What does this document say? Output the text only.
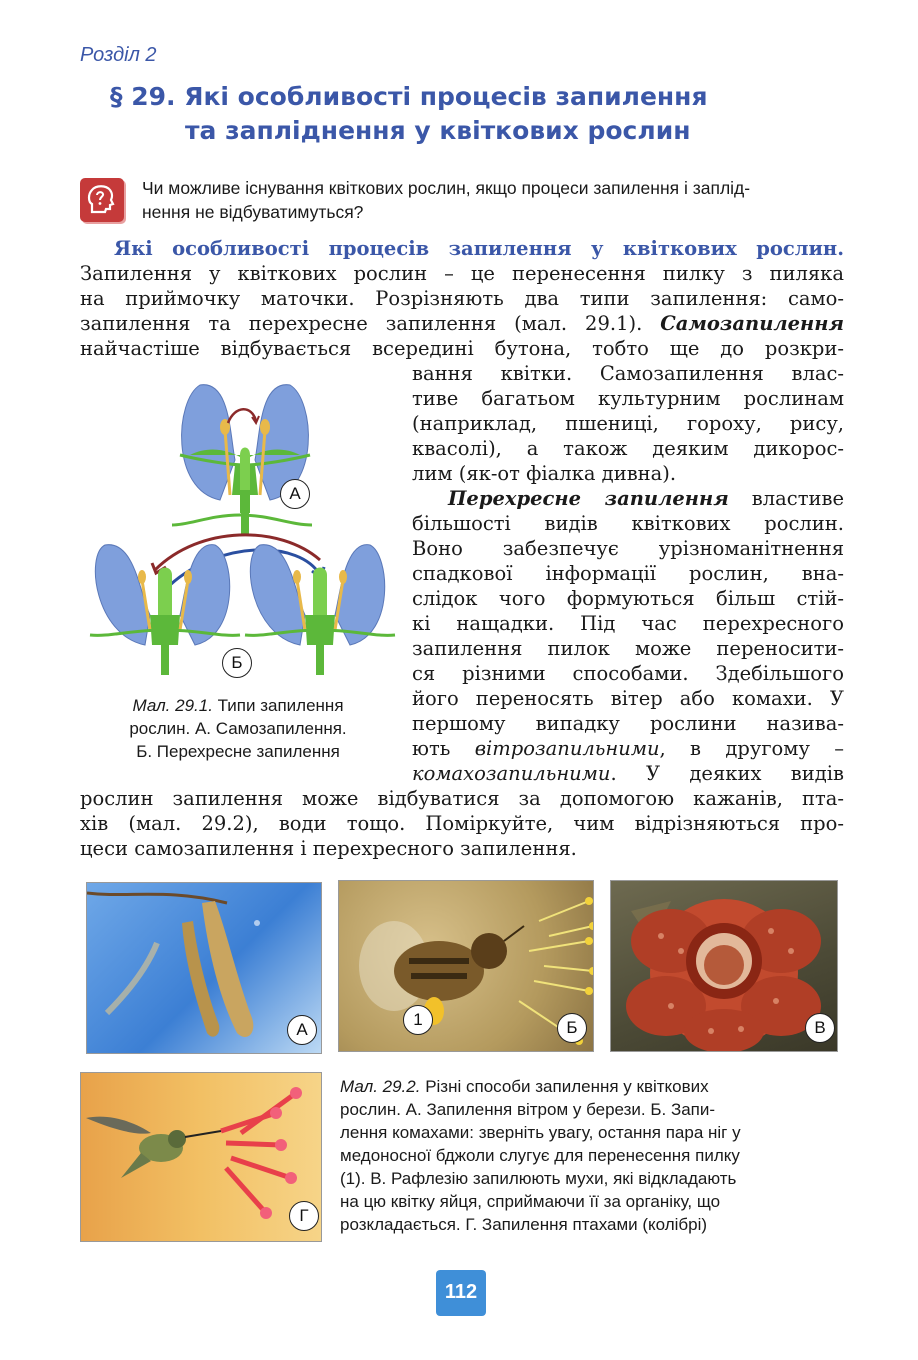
Розділ 2
§ 29. Які особливості процесів запилення
та запліднення у квіткових рослин
Чи можливе існування квіткових рослин, якщо процеси запилення і заплід-
нення не відбуватимуться?
Які особливості процесів запилення у квіткових рослин.
Запилення у квіткових рослин – це перенесення пилку з пиляка
на приймочку маточки. Розрізняють два типи запилення: само-
запилення та перехресне запилення (мал. 29.1). Самозапилення
найчастіше відбувається всередині бутона, тобто ще до розкри-
вання квітки. Самозапилення влас-
тиве багатьом культурним рослинам
(наприклад, пшениці, гороху, рису,
квасолі), а також деяким дикорос-
лим (як-от фіалка дивна).
Перехресне запилення властиве
більшості видів квіткових рослин.
Воно забезпечує урізноманітнення
спадкової інформації рослин, вна-
слідок чого формуються більш стій-
кі нащадки. Під час перехресного
запилення пилок може переносити-
ся різними способами. Здебільшого
його переносять вітер або комахи. У
першому випадку рослини назива-
ють вітрозапильними, в другому –
комахозапильними. У деяких видів
рослин запилення може відбуватися за допомогою кажанів, пта-
хів (мал. 29.2), води тощо. Поміркуйте, чим відрізняються про-
цеси самозапилення і перехресного запилення.
А
Б
Мал. 29.1. Типи запилення
рослин. А. Самозапилення.
Б. Перехресне запилення
А
1	Б	В
Г
Мал. 29.2. Різні способи запилення у квіткових
рослин. А. Запилення вітром у берези. Б. Запи-
лення комахами: зверніть увагу, остання пара ніг у
медоносної бджоли слугує для перенесення пилку
(1). В. Рафлезію запилюють мухи, які відкладають
на цю квітку яйця, сприймаючи її за органіку, що
розкладається. Г. Запилення птахами (колібрі)
112
